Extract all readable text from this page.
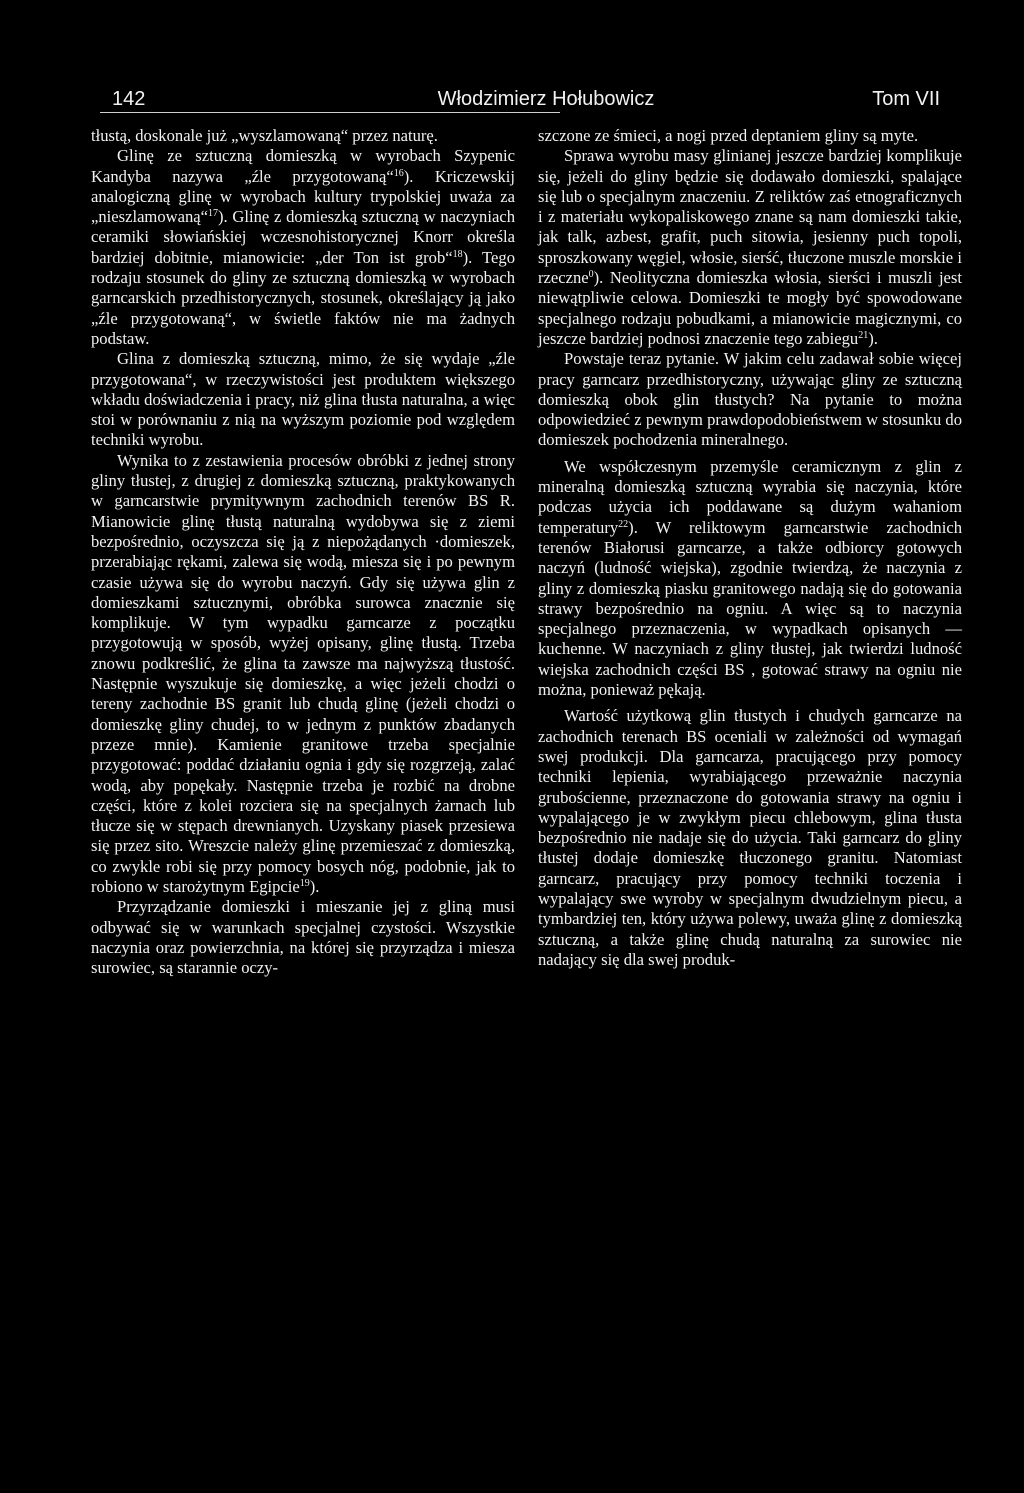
142	Włodzimierz Hołubowicz	Tom VII

tłustą, doskonale już „wyszlamowaną“ przez naturę.

Glinę ze sztuczną domieszką w wyrobach Szypenic Kandyba nazywa „źle przygotowaną“$^{16}$). Kriczewskij analogiczną glinę w wyrobach kultury trypolskiej uważa za „nieszlamowaną“$^{17}$). Glinę z domieszką sztuczną w naczyniach ceramiki słowiańskiej wczesnohistorycznej Knorr określa bardziej dobitnie, mianowicie: „der Ton ist grob“$^{18}$). Tego rodzaju stosunek do gliny ze sztuczną domieszką w wyrobach garncarskich przedhistorycznych, stosunek, określający ją jako „źle przygotowaną“, w świetle faktów nie ma żadnych podstaw.

Glina z domieszką sztuczną, mimo, że się wydaje „źle przygotowana“, w rzeczywistości jest produktem większego wkładu doświadczenia i pracy, niż glina tłusta naturalna, a więc stoi w porównaniu z nią na wyższym poziomie pod względem techniki wyrobu.

Wynika to z zestawienia procesów obróbki z jednej strony gliny tłustej, z drugiej z domieszką sztuczną, praktykowanych w garncarstwie prymitywnym zachodnich terenów BS R. Mianowicie glinę tłustą naturalną wydobywa się z ziemi bezpośrednio, oczyszcza się ją z niepożądanych ·domieszek, przerabiając rękami, zalewa się wodą, miesza się i po pewnym czasie używa się do wyrobu naczyń. Gdy się używa glin z domieszkami sztucznymi, obróbka surowca znacznie się komplikuje. W tym wypadku garncarze z początku przygotowują w sposób, wyżej opisany, glinę tłustą. Trzeba znowu podkreślić, że glina ta zawsze ma najwyższą tłustość. Następnie wyszukuje się domieszkę, a więc jeżeli chodzi o tereny zachodnie BS granit lub chudą glinę (jeżeli chodzi o domieszkę gliny chudej, to w jednym z punktów zbadanych przeze mnie). Kamienie granitowe trzeba specjalnie przygotować: poddać działaniu ognia i gdy się rozgrzeją, zalać wodą, aby popękały. Następnie trzeba je rozbić na drobne części, które z kolei rozciera się na specjalnych żarnach lub tłucze się w stępach drewnianych. Uzyskany piasek przesiewa się przez sito. Wreszcie należy glinę przemieszać z domieszką, co zwykle robi się przy pomocy bosych nóg, podobnie, jak to robiono w starożytnym Egipcie$^{19}$).

Przyrządzanie domieszki i mieszanie jej z gliną musi odbywać się w warunkach specjalnej czystości. Wszystkie naczynia oraz powierzchnia, na której się przyrządza i miesza surowiec, są starannie oczy-

szczone ze śmieci, a nogi przed deptaniem gliny są myte.

Sprawa wyrobu masy glinianej jeszcze bardziej komplikuje się, jeżeli do gliny będzie się dodawało domieszki, spalające się lub o specjalnym znaczeniu. Z reliktów zaś etnograficznych i z materiału wykopaliskowego znane są nam domieszki takie, jak talk, azbest, grafit, puch sitowia, jesienny puch topoli, sproszkowany węgiel, włosie, sierść, tłuczone muszle morskie i rzeczne$^0$). Neolityczna domieszka włosia, sierści i muszli jest niewątpliwie celowa. Domieszki te mogły być spowodowane specjalnego rodzaju pobudkami, a mianowicie magicznymi, co jeszcze bardziej podnosi znaczenie tego zabiegu$^{21}$).

Powstaje teraz pytanie. W jakim celu zadawał sobie więcej pracy garncarz przedhistoryczny, używając gliny ze sztuczną domieszką obok glin tłustych? Na pytanie to można odpowiedzieć z pewnym prawdopodobieństwem w stosunku do domieszek pochodzenia mineralnego.

We współczesnym przemyśle ceramicznym z glin z mineralną domieszką sztuczną wyrabia się naczynia, które podczas użycia ich poddawane są dużym wahaniom temperatury$^{22}$). W reliktowym garncarstwie zachodnich terenów Białorusi garncarze, a także odbiorcy gotowych naczyń (ludność wiejska), zgodnie twierdzą, że naczynia z gliny z domieszką piasku granitowego nadają się do gotowania strawy bezpośrednio na ogniu. A więc są to naczynia specjalnego przeznaczenia, w wypadkach opisanych — kuchenne. W naczyniach z gliny tłustej, jak twierdzi ludność wiejska zachodnich części BS , gotować strawy na ogniu nie można, ponieważ pękają.

Wartość użytkową glin tłustych i chudych garncarze na zachodnich terenach BS oceniali w zależności od wymagań swej produkcji. Dla garncarza, pracującego przy pomocy techniki lepienia, wyrabiającego przeważnie naczynia grubościenne, przeznaczone do gotowania strawy na ogniu i wypalającego je w zwykłym piecu chlebowym, glina tłusta bezpośrednio nie nadaje się do użycia. Taki garncarz do gliny tłustej dodaje domieszkę tłuczonego granitu. Natomiast garncarz, pracujący przy pomocy techniki toczenia i wypalający swe wyroby w specjalnym dwudzielnym piecu, a tymbardziej ten, który używa polewy, uważa glinę z domieszką sztuczną, a także glinę chudą naturalną za surowiec nie nadający się dla swej produk-
